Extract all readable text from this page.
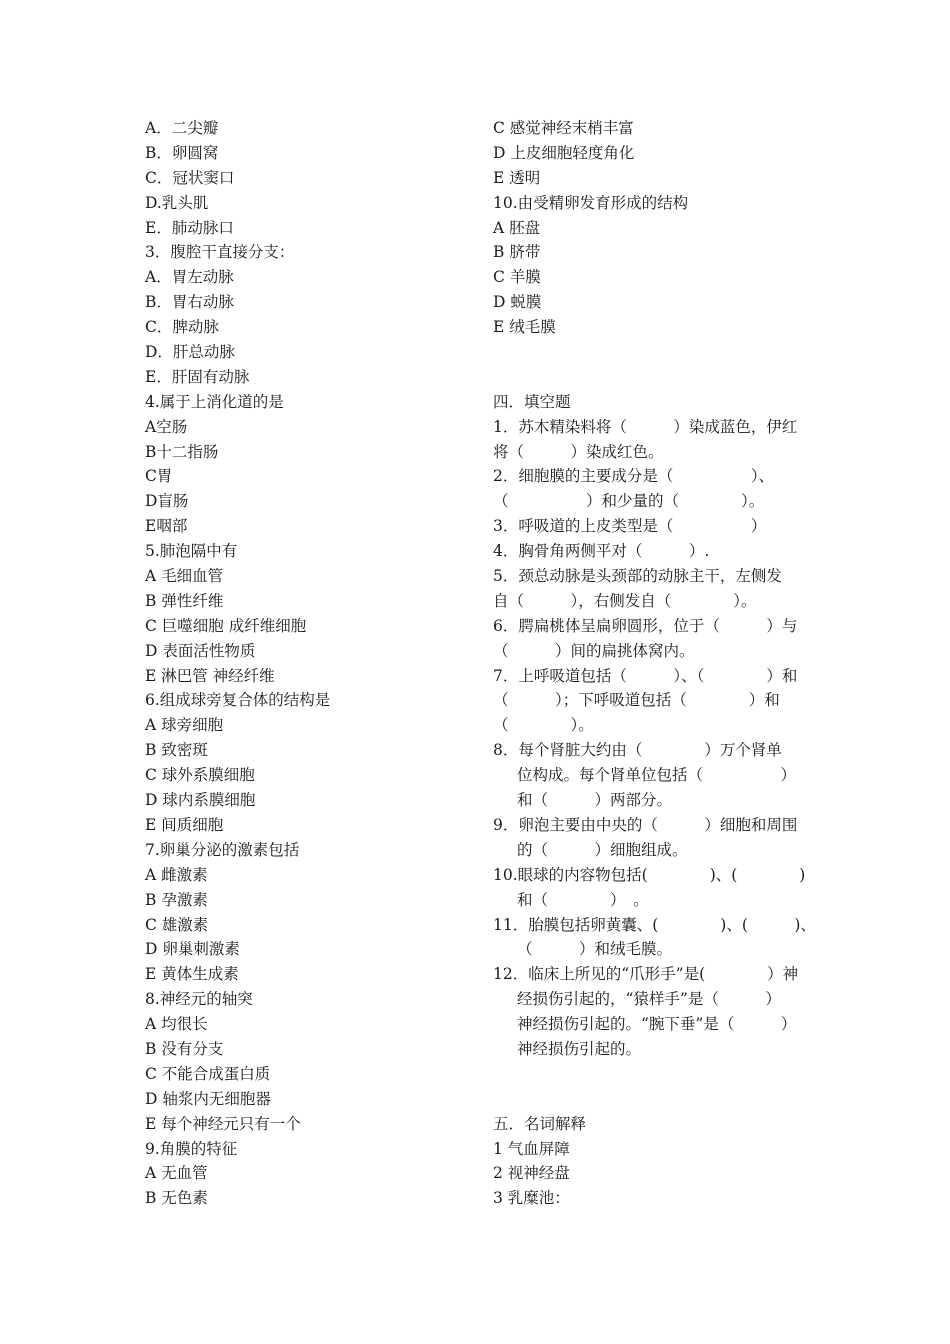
A．二尖瓣
B．卵圆窝
C．冠状窦口
D.乳头肌
E．肺动脉口
3．腹腔干直接分支：
A．胃左动脉
B．胃右动脉
C．脾动脉
D．肝总动脉
E．肝固有动脉
4.属于上消化道的是
A空肠
B十二指肠
C胃
D盲肠
E咽部
5.肺泡隔中有
A 毛细血管
B 弹性纤维
C 巨噬细胞 成纤维细胞
D 表面活性物质
E 淋巴管 神经纤维
6.组成球旁复合体的结构是
A 球旁细胞
B 致密斑
C 球外系膜细胞
D 球内系膜细胞
E 间质细胞
7.卵巢分泌的激素包括
A 雌激素
B 孕激素
C 雄激素
D 卵巢刺激素
E 黄体生成素
8.神经元的轴突
A 均很长
B 没有分支
C 不能合成蛋白质
D 轴浆内无细胞器
E 每个神经元只有一个
9.角膜的特征
A 无血管
B 无色素
C 感觉神经末梢丰富
D 上皮细胞轻度角化
E 透明
10.由受精卵发育形成的结构
A 胚盘
B 脐带
C 羊膜
D 蜕膜
E 绒毛膜
四．填空题
1．苏木精染料将（　　　）染成蓝色，伊红
将（　　　）染成红色。
2．细胞膜的主要成分是（　　　　　）、
（　　　　　）和少量的（　　　　）。
3．呼吸道的上皮类型是（　　　　　）
4．胸骨角两侧平对（　　　）.
5．颈总动脉是头颈部的动脉主干，左侧发
自（　　　），右侧发自（　　　　）。
6．腭扁桃体呈扁卵圆形，位于（　　　）与
（　　　）间的扁挑体窝内。
7．上呼吸道包括（　　　）、（　　　　）和
（　　　）；下呼吸道包括（　　　　）和
（　　　　）。
8．每个肾脏大约由（　　　　）万个肾单
位构成。每个肾单位包括（　　　　　）
和（　　　）两部分。
9．卵泡主要由中央的（　　　）细胞和周围
的（　　　）细胞组成。
10.眼球的内容物包括(　　　　)、(　　　　)
和（　　　　）　。
11．胎膜包括卵黄囊、(　　　　)、(　　　)、
（　　　）和绒毛膜。
12．临床上所见的“爪形手”是(　　　　）神
经损伤引起的，“猿样手”是（　　　）
神经损伤引起的。“腕下垂”是（　　　）
神经损伤引起的。
五．名词解释
1 气血屏障
2 视神经盘
3 乳糜池：
